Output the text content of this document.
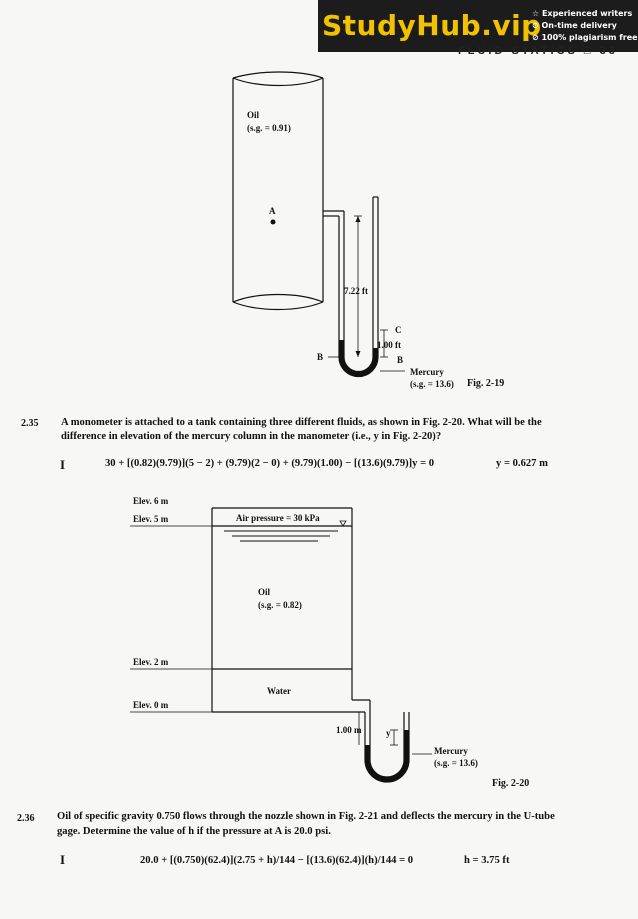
StudyHub.vip
☆ Experienced writers
⊙ On-time delivery
⊘ 100% plagiarism free
FLUID STATICS □ 33
Oil
(s.g. = 0.91)
A
7.22 ft
C
1.00 ft
B	B
Mercury
(s.g. = 13.6) Fig. 2-19
2.35 A monometer is attached to a tank containing three different fluids, as shown in Fig. 2-20. What will be the
difference in elevation of the mercury column in the manometer (i.e., y in Fig. 2-20)?
I	30 + [(0.82)(9.79)](5 − 2) + (9.79)(2 − 0) + (9.79)(1.00) − [(13.6)(9.79)]y = 0	y = 0.627 m
Elev. 6 m
Elev. 5 m	Air pressure = 30 kPa
Oil
(s.g. = 0.82)
Elev. 2 m
Water
Elev. 0 m
1.00 m	y
Mercury
(s.g. = 13.6)
Fig. 2-20
2.36 Oil of specific gravity 0.750 flows through the nozzle shown in Fig. 2-21 and deflects the mercury in the U-tube
gage. Determine the value of h if the pressure at A is 20.0 psi.
I	20.0 + [(0.750)(62.4)](2.75 + h)/144 − [(13.6)(62.4)](h)/144 = 0	h = 3.75 ft
